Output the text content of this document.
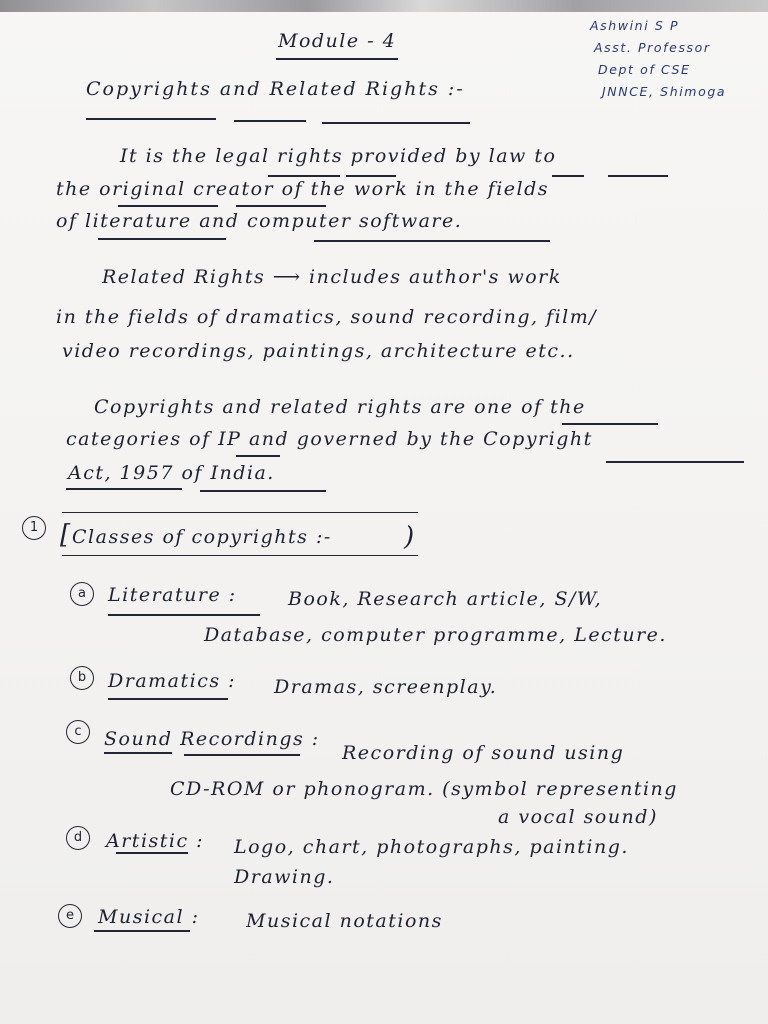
Module - 4
Ashwini S P
Asst. Professor
Dept of CSE
JNNCE, Shimoga
Copyrights and Related Rights :-
It is the legal rights provided by law to
the original creator of the work in the fields
of literature and computer software.
Related Rights ⟶ includes author's work
in the fields of dramatics, sound recording, film/
video recordings, paintings, architecture etc..
Copyrights and related rights are one of the
categories of IP and governed by the Copyright
Act, 1957 of India.
1 [	)
Classes of copyrights :-
a	Literature :	Book, Research article, S/W,
Database, computer programme, Lecture.
b	Dramatics : Dramas, screenplay.
c	Sound Recordings :
Recording of sound using
CD-ROM or phonogram. (symbol representing
a vocal sound)
d	Artistic : Logo, chart, photographs, painting.
Drawing.
e	Musical : Musical notations
